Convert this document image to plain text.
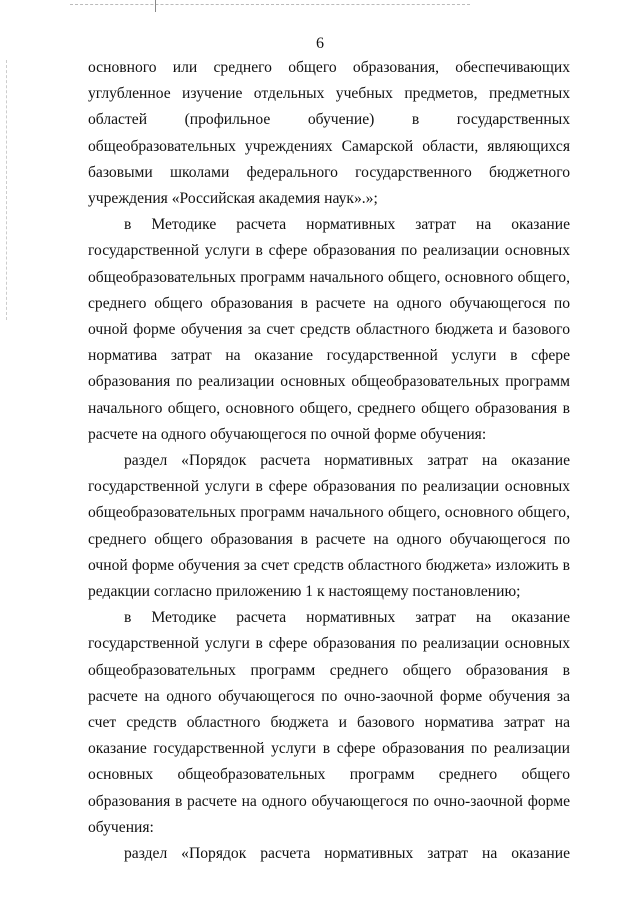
6

основного или среднего общего образования, обеспечивающих углубленное изучение отдельных учебных предметов, предметных областей (профильное обучение) в государственных общеобразовательных учреждениях Самарской области, являющихся базовыми школами федерального государственного бюджетного учреждения «Российская академия наук».»;

в Методике расчета нормативных затрат на оказание государственной услуги в сфере образования по реализации основных общеобразовательных программ начального общего, основного общего, среднего общего образования в расчете на одного обучающегося по очной форме обучения за счет средств областного бюджета и базового норматива затрат на оказание государственной услуги в сфере образования по реализации основных общеобразовательных программ начального общего, основного общего, среднего общего образования в расчете на одного обучающегося по очной форме обучения:

раздел «Порядок расчета нормативных затрат на оказание государственной услуги в сфере образования по реализации основных общеобразовательных программ начального общего, основного общего, среднего общего образования в расчете на одного обучающегося по очной форме обучения за счет средств областного бюджета» изложить в редакции согласно приложению 1 к настоящему постановлению;

в Методике расчета нормативных затрат на оказание государственной услуги в сфере образования по реализации основных общеобразовательных программ среднего общего образования в расчете на одного обучающегося по очно-заочной форме обучения за счет средств областного бюджета и базового норматива затрат на оказание государственной услуги в сфере образования по реализации основных общеобразовательных программ среднего общего образования в расчете на одного обучающегося по очно-заочной форме обучения:

раздел «Порядок расчета нормативных затрат на оказание
